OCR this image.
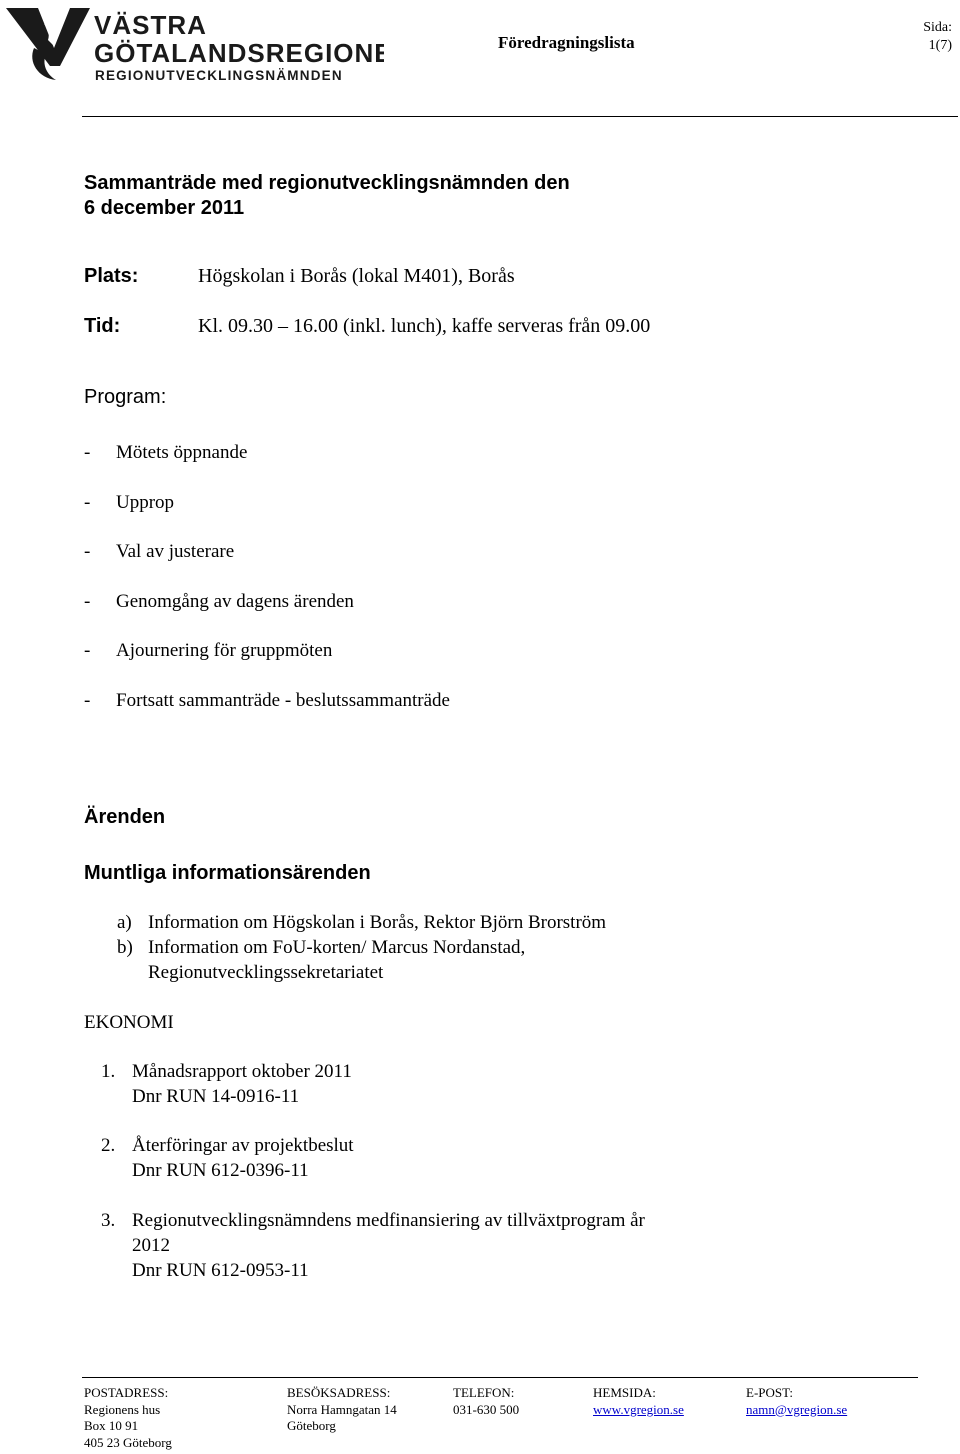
VÄSTRA
GÖTALANDSREGIONEN
REGIONUTVECKLINGSNÄMNDEN
Föredragningslista
Sida:
1(7)
Sammanträde med regionutvecklingsnämnden den
6 december 2011
Plats:	Högskolan i Borås (lokal M401), Borås
Tid:	Kl. 09.30 – 16.00 (inkl. lunch), kaffe serveras från 09.00
Program:
- Mötets öppnande
- Upprop
- Val av justerare
- Genomgång av dagens ärenden
- Ajournering för gruppmöten
- Fortsatt sammanträde - beslutssammanträde
Ärenden
Muntliga informationsärenden
a) Information om Högskolan i Borås, Rektor Björn Brorström
b) Information om FoU-korten/ Marcus Nordanstad,
Regionutvecklingssekretariatet
EKONOMI
1. Månadsrapport oktober 2011
Dnr RUN 14-0916-11
2. Återföringar av projektbeslut
Dnr RUN 612-0396-11
3. Regionutvecklingsnämndens medfinansiering av tillväxtprogram år
2012
Dnr RUN 612-0953-11
POSTADRESS:
Regionens hus
Box 10 91
405 23 Göteborg
BESÖKSADRESS:
Norra Hamngatan 14
Göteborg
TELEFON:
031-630 500
HEMSIDA:
www.vgregion.se
E-POST:
namn@vgregion.se
